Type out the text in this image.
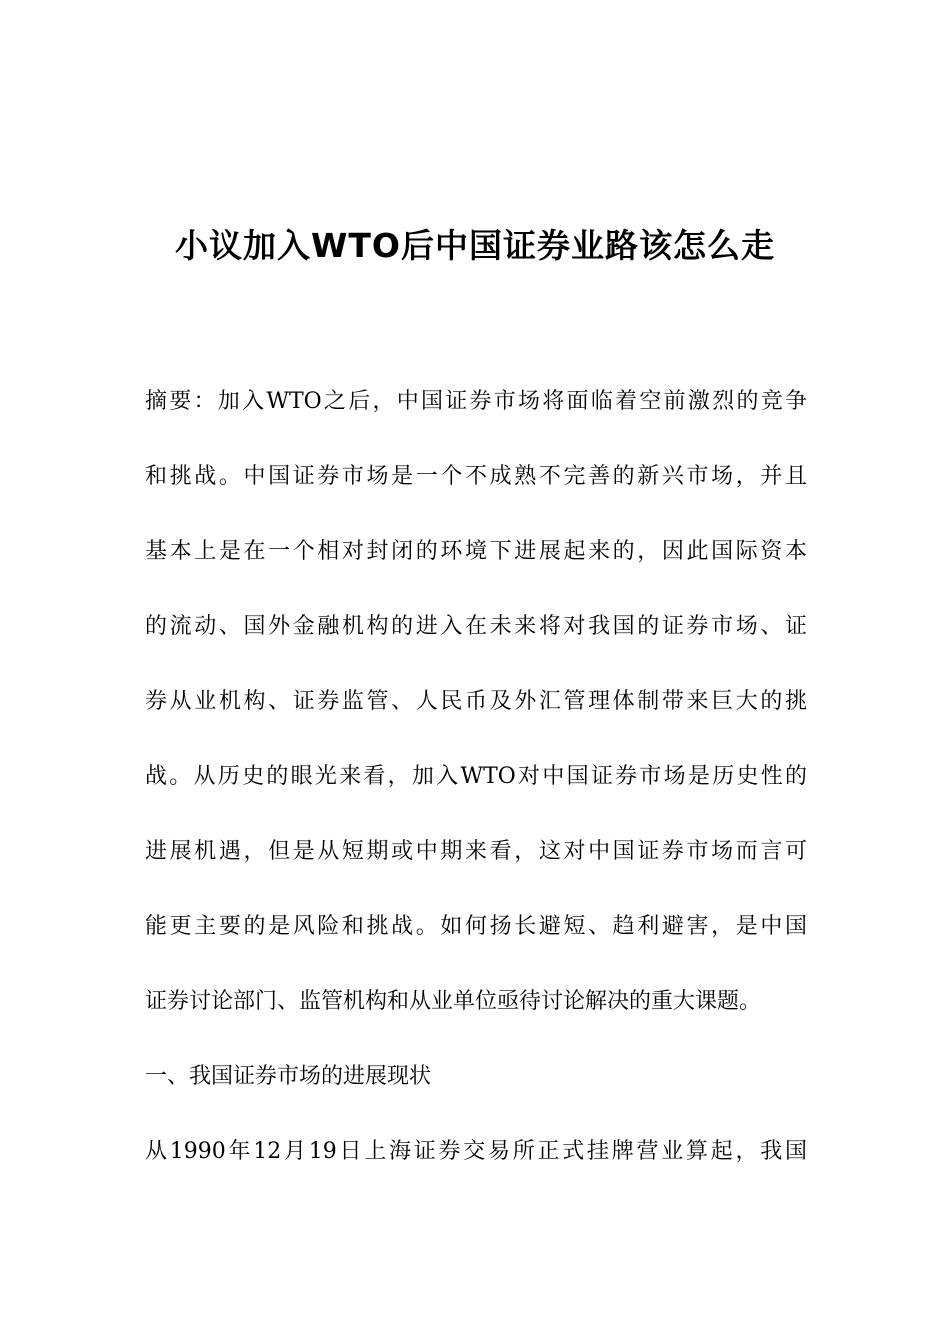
小议加入WTO后中国证券业路该怎么走
摘要：加入WTO之后，中国证券市场将面临着空前激烈的竞争
和挑战。中国证券市场是一个不成熟不完善的新兴市场，并且
基本上是在一个相对封闭的环境下进展起来的，因此国际资本
的流动、国外金融机构的进入在未来将对我国的证券市场、证
券从业机构、证券监管、人民币及外汇管理体制带来巨大的挑
战。从历史的眼光来看，加入WTO对中国证券市场是历史性的
进展机遇，但是从短期或中期来看，这对中国证券市场而言可
能更主要的是风险和挑战。如何扬长避短、趋利避害，是中国
证券讨论部门、监管机构和从业单位亟待讨论解决的重大课题。
一、我国证券市场的进展现状
从1990年12月19日上海证券交易所正式挂牌营业算起，我国
